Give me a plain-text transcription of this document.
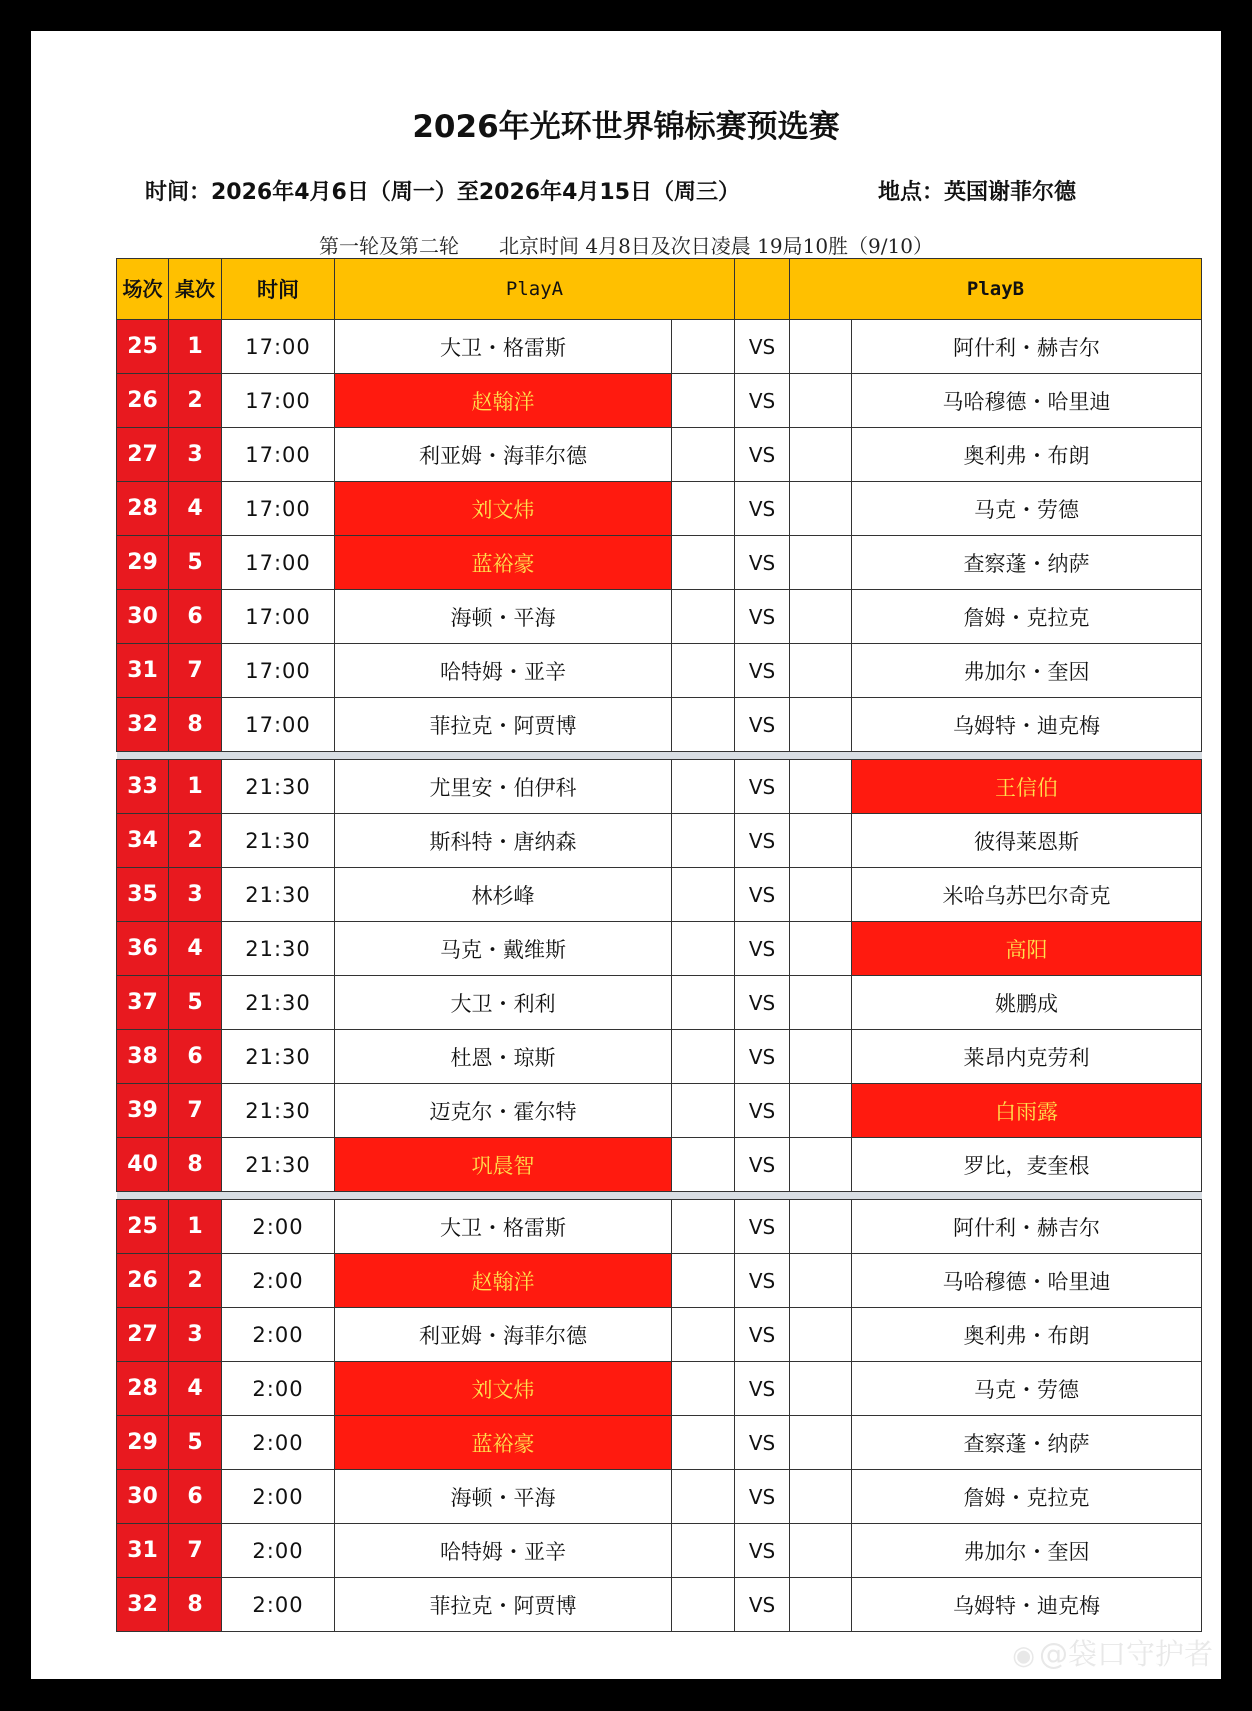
2026年光环世界锦标赛预选赛
时间：2026年4月6日（周一）至2026年4月15日（周三）	地点：英国谢菲尔德
第一轮及第二轮　　北京时间 4月8日及次日凌晨 19局10胜（9/10）
场次	桌次	时间	PlayA			PlayB	
25	1	17:00	大卫・格雷斯		VS		阿什利・赫吉尔
26	2	17:00	赵翰洋		VS		马哈穆德・哈里迪
27	3	17:00	利亚姆・海菲尔德		VS		奥利弗・布朗
28	4	17:00	刘文炜		VS		马克・劳德
29	5	17:00	蓝裕豪		VS		查察蓬・纳萨
30	6	17:00	海顿・平海		VS		詹姆・克拉克
31	7	17:00	哈特姆・亚辛		VS		弗加尔・奎因
32	8	17:00	菲拉克・阿贾博		VS		乌姆特・迪克梅

33	1	21:30	尤里安・伯伊科		VS		王信伯
34	2	21:30	斯科特・唐纳森		VS		彼得莱恩斯
35	3	21:30	林杉峰		VS		米哈乌苏巴尔奇克
36	4	21:30	马克・戴维斯		VS		高阳
37	5	21:30	大卫・利利		VS		姚鹏成
38	6	21:30	杜恩・琼斯		VS		莱昂内克劳利
39	7	21:30	迈克尔・霍尔特		VS		白雨露
40	8	21:30	巩晨智		VS		罗比，麦奎根

25	1	2:00	大卫・格雷斯		VS		阿什利・赫吉尔
26	2	2:00	赵翰洋		VS		马哈穆德・哈里迪
27	3	2:00	利亚姆・海菲尔德		VS		奥利弗・布朗
28	4	2:00	刘文炜		VS		马克・劳德
29	5	2:00	蓝裕豪		VS		查察蓬・纳萨
30	6	2:00	海顿・平海		VS		詹姆・克拉克
31	7	2:00	哈特姆・亚辛		VS		弗加尔・奎因
32	8	2:00	菲拉克・阿贾博		VS		乌姆特・迪克梅
◉ @袋口守护者
